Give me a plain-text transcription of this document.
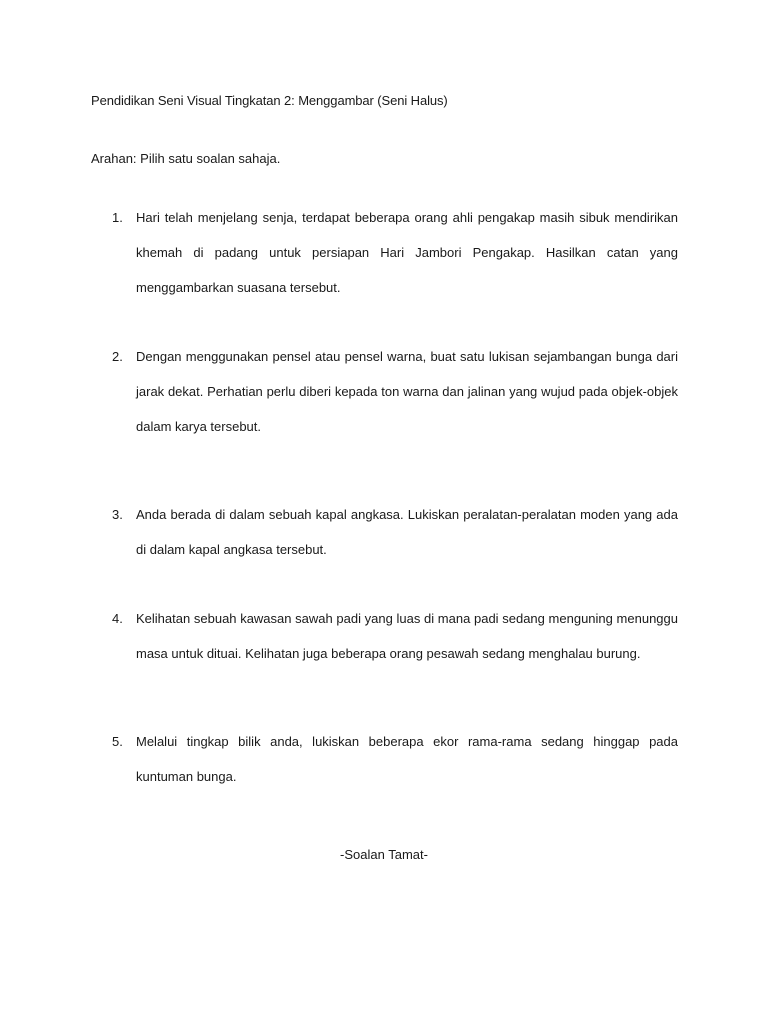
Pendidikan Seni Visual Tingkatan 2: Menggambar (Seni Halus)
Arahan: Pilih satu soalan sahaja.
1.	Hari telah menjelang senja, terdapat beberapa orang ahli pengakap masih sibuk mendirikan khemah di padang untuk persiapan Hari Jambori Pengakap. Hasilkan catan yang menggambarkan suasana tersebut.
2.	Dengan menggunakan pensel atau pensel warna, buat satu lukisan sejambangan bunga dari jarak dekat. Perhatian perlu diberi kepada ton warna dan jalinan yang wujud pada objek-objek dalam karya tersebut.
3.	Anda berada di dalam sebuah kapal angkasa. Lukiskan peralatan-peralatan moden yang ada di dalam kapal angkasa tersebut.
4.	Kelihatan sebuah kawasan sawah padi yang luas di mana padi sedang menguning menunggu masa untuk dituai. Kelihatan juga beberapa orang pesawah sedang menghalau burung.
5.	Melalui tingkap bilik anda, lukiskan beberapa ekor rama-rama sedang hinggap pada kuntuman bunga.
-Soalan Tamat-
